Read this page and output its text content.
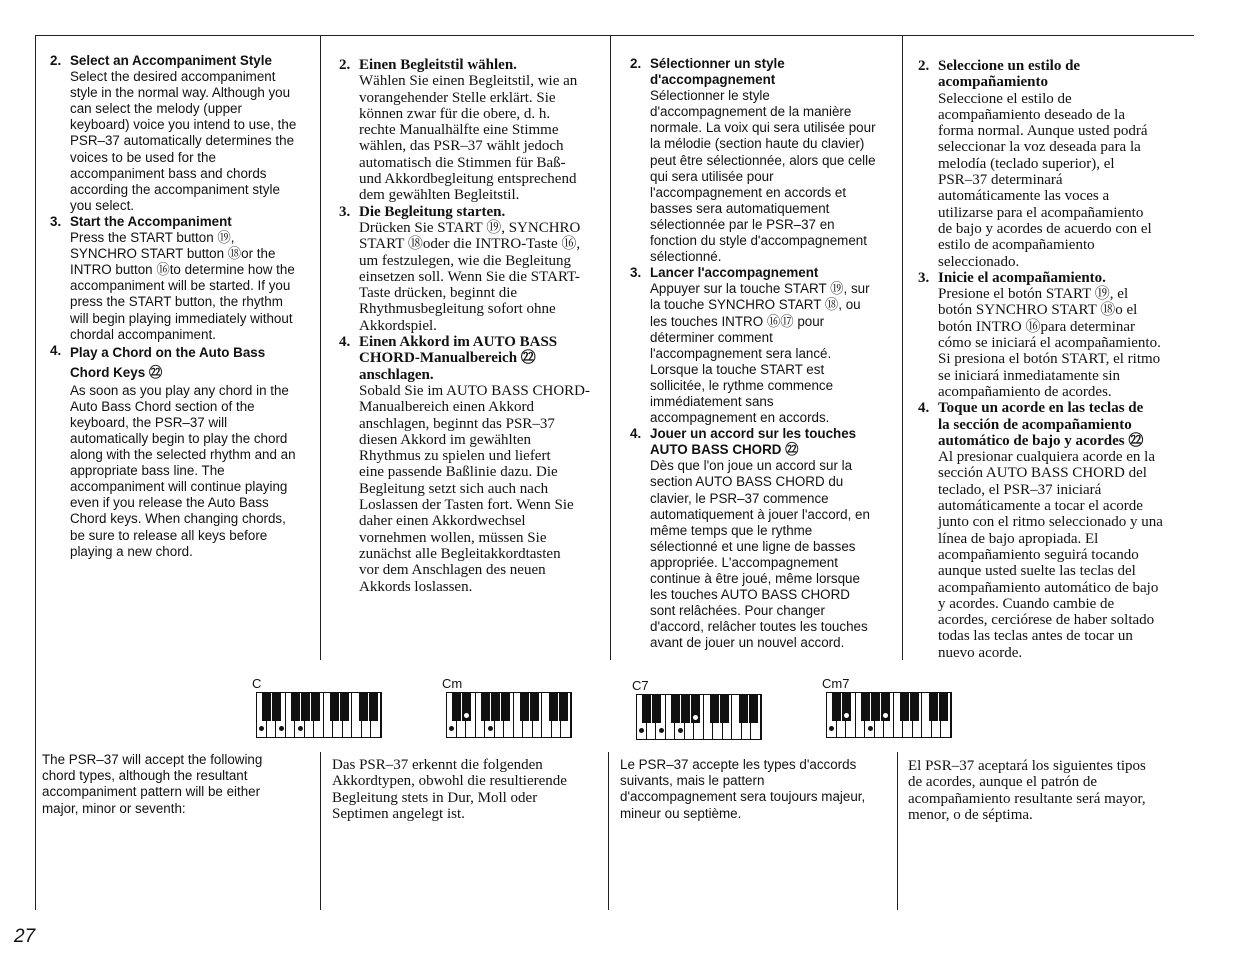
2. Select an Accompaniment Style
Select the desired accompaniment
style in the normal way. Although you
can select the melody (upper
keyboard) voice you intend to use, the
PSR–37 automatically determines the
voices to be used for the
accompaniment bass and chords
according the accompaniment style
you select.
3. Start the Accompaniment
Press the START button ⑲,
SYNCHRO START button ⑱or the
INTRO button ⑯to determine how the
accompaniment will be started. If you
press the START button, the rhythm
will begin playing immediately without
chordal accompaniment.
4. Play a Chord on the Auto Bass
Chord Keys ㉒
As soon as you play any chord in the
Auto Bass Chord section of the
keyboard, the PSR–37 will
automatically begin to play the chord
along with the selected rhythm and an
appropriate bass line. The
accompaniment will continue playing
even if you release the Auto Bass
Chord keys. When changing chords,
be sure to release all keys before
playing a new chord.
2. Einen Begleitstil wählen.
Wählen Sie einen Begleitstil, wie an
vorangehender Stelle erklärt. Sie
können zwar für die obere, d. h.
rechte Manualhälfte eine Stimme
wählen, das PSR–37 wählt jedoch
automatisch die Stimmen für Baß-
und Akkordbegleitung entsprechend
dem gewählten Begleitstil.
3. Die Begleitung starten.
Drücken Sie START ⑲, SYNCHRO
START ⑱oder die INTRO-Taste ⑯,
um festzulegen, wie die Begleitung
einsetzen soll. Wenn Sie die START-
Taste drücken, beginnt die
Rhythmusbegleitung sofort ohne
Akkordspiel.
4. Einen Akkord im AUTO BASS
CHORD-Manualbereich ㉒
anschlagen.
Sobald Sie im AUTO BASS CHORD-
Manualbereich einen Akkord
anschlagen, beginnt das PSR–37
diesen Akkord im gewählten
Rhythmus zu spielen und liefert
eine passende Baßlinie dazu. Die
Begleitung setzt sich auch nach
Loslassen der Tasten fort. Wenn Sie
daher einen Akkordwechsel
vornehmen wollen, müssen Sie
zunächst alle Begleitakkordtasten
vor dem Anschlagen des neuen
Akkords loslassen.
2. Sélectionner un style
d'accompagnement
Sélectionner le style
d'accompagnement de la manière
normale. La voix qui sera utilisée pour
la mélodie (section haute du clavier)
peut être sélectionnée, alors que celle
qui sera utilisée pour
l'accompagnement en accords et
basses sera automatiquement
sélectionnée par le PSR–37 en
fonction du style d'accompagnement
sélectionné.
3. Lancer l'accompagnement
Appuyer sur la touche START ⑲, sur
la touche SYNCHRO START ⑱, ou
les touches INTRO ⑯⑰ pour
déterminer comment
l'accompagnement sera lancé.
Lorsque la touche START est
sollicitée, le rythme commence
immédiatement sans
accompagnement en accords.
4. Jouer un accord sur les touches
AUTO BASS CHORD ㉒
Dès que l'on joue un accord sur la
section AUTO BASS CHORD du
clavier, le PSR–37 commence
automatiquement à jouer l'accord, en
même temps que le rythme
sélectionné et une ligne de basses
appropriée. L'accompagnement
continue à être joué, même lorsque
les touches AUTO BASS CHORD
sont relâchées. Pour changer
d'accord, relâcher toutes les touches
avant de jouer un nouvel accord.
2. Seleccione un estilo de
acompañamiento
Seleccione el estilo de
acompañamiento deseado de la
forma normal. Aunque usted podrá
seleccionar la voz deseada para la
melodía (teclado superior), el
PSR–37 determinará
automáticamente las voces a
utilizarse para el acompañamiento
de bajo y acordes de acuerdo con el
estilo de acompañamiento
seleccionado.
3. Inicie el acompañamiento.
Presione el botón START ⑲, el
botón SYNCHRO START ⑱o el
botón INTRO ⑯para determinar
cómo se iniciará el acompañamiento.
Si presiona el botón START, el ritmo
se iniciará inmediatamente sin
acompañamiento de acordes.
4. Toque un acorde en las teclas de
la sección de acompañamiento
automático de bajo y acordes ㉒
Al presionar cualquiera acorde en la
sección AUTO BASS CHORD del
teclado, el PSR–37 iniciará
automáticamente a tocar el acorde
junto con el ritmo seleccionado y una
línea de bajo apropiada. El
acompañamiento seguirá tocando
aunque usted suelte las teclas del
acompañamiento automático de bajo
y acordes. Cuando cambie de
acordes, cerciórese de haber soltado
todas las teclas antes de tocar un
nuevo acorde.
C	Cm	C7	Cm7
The PSR–37 will accept the following
chord types, although the resultant
accompaniment pattern will be either
major, minor or seventh:
Das PSR–37 erkennt die folgenden
Akkordtypen, obwohl die resultierende
Begleitung stets in Dur, Moll oder
Septimen angelegt ist.
Le PSR–37 accepte les types d'accords
suivants, mais le pattern
d'accompagnement sera toujours majeur,
mineur ou septième.
El PSR–37 aceptará los siguientes tipos
de acordes, aunque el patrón de
acompañamiento resultante será mayor,
menor, o de séptima.
27
